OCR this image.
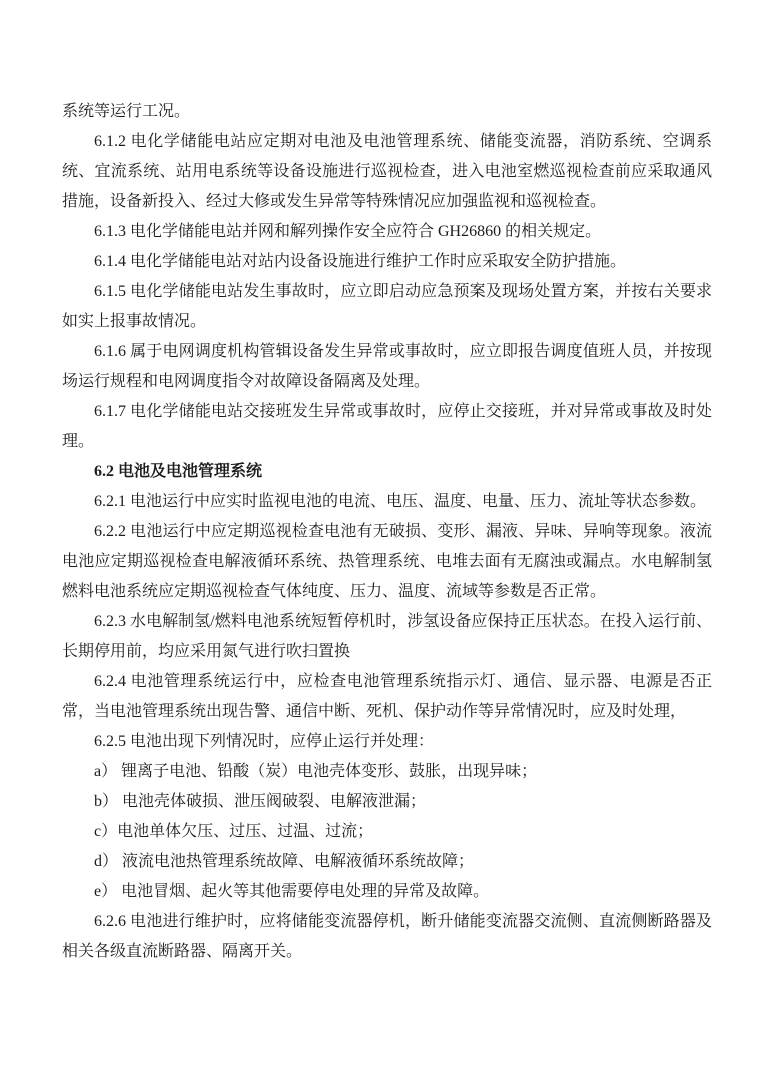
系统等运行工况。

6.1.2 电化学储能电站应定期对电池及电池管理系统、储能变流器，消防系统、空调系统、宜流系统、站用电系统等设备设施进行巡视检查，进入电池室燃巡视检查前应采取通风措施，设备新投入、经过大修或发生异常等特殊情况应加强监视和巡视检查。

6.1.3 电化学储能电站并网和解列操作安全应符合 GH26860 的相关规定。

6.1.4 电化学储能电站对站内设备设施进行维护工作时应采取安全防护措施。

6.1.5 电化学储能电站发生事故时，应立即启动应急预案及现场处置方案，并按右关要求如实上报事故情况。

6.1.6 属于电网调度机构管辑设备发生异常或事故时，应立即报告调度值班人员，并按现场运行规程和电网调度指令对故障设备隔离及处理。

6.1.7 电化学储能电站交接班发生异常或事故时，应停止交接班，并对异常或事故及时处理。

6.2 电池及电池管理系统

6.2.1 电池运行中应实时监视电池的电流、电压、温度、电量、压力、流址等状态参数。

6.2.2 电池运行中应定期巡视检查电池有无破损、变形、漏液、异味、异响等现象。液流电池应定期巡视检查电解液循环系统、热管理系统、电堆去面有无腐浊或漏点。水电解制氢燃料电池系统应定期巡视检查气体纯度、压力、温度、流域等参数是否正常。

6.2.3 水电解制氢/燃料电池系统短暂停机时，涉氢设备应保持正压状态。在投入运行前、长期停用前，均应采用氮气进行吹扫置换

6.2.4 电池管理系统运行中，应检查电池管理系统指示灯、通信、显示器、电源是否正常，当电池管理系统出现告警、通信中断、死机、保护动作等异常情况时，应及时处理，

6.2.5 电池出现下列情况时，应停止运行并处理：

a） 锂离子电池、铅酸（炭）电池壳体变形、鼓胀，出现异味；

b） 电池壳体破损、泄压阀破裂、电解液泄漏；

c）电池单体欠压、过压、过温、过流；

d） 液流电池热管理系统故障、电解液循环系统故障；

e） 电池冒烟、起火等其他需要停电处理的异常及故障。

6.2.6 电池进行维护时，应将储能变流器停机，断升储能变流器交流侧、直流侧断路器及相关各级直流断路器、隔离开关。
